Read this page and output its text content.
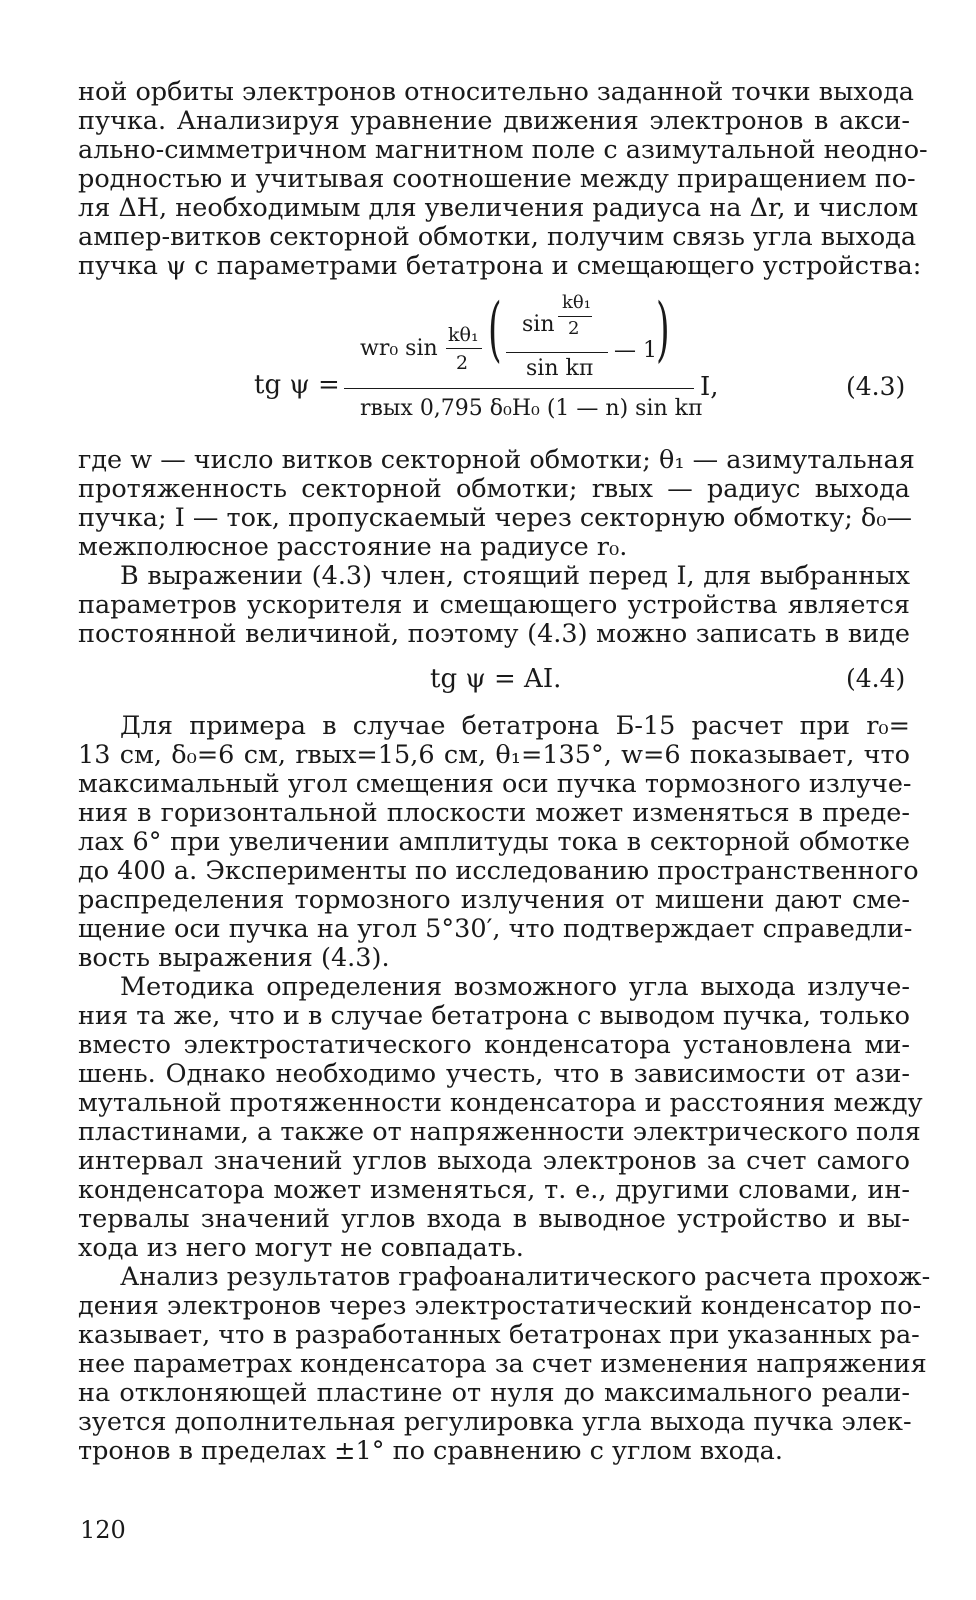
ной орбиты электронов относительно заданной точки выхода
пучка. Анализируя уравнение движения электронов в акси-
ально-симметричном магнитном поле с азимутальной неодно-
родностью и учитывая соотношение между приращением по-
ля ΔH, необходимым для увеличения радиуса на Δr, и числом
ампер-витков секторной обмотки, получим связь угла выхода
пучка ψ с параметрами бетатрона и смещающего устройства:
tg ψ =
wr₀ sin
kθ₁
2 ( sin
kθ₁
2
sin kπ
— 1 )
rвых 0,795 δ₀H₀ (1 — n) sin kπ
I,	(4.3)
где w — число витков секторной обмотки; θ₁ — азимутальная
протяженность секторной обмотки; rвых — радиус выхода
пучка; I — ток, пропускаемый через секторную обмотку; δ₀—
межполюсное расстояние на радиусе r₀.
В выражении (4.3) член, стоящий перед I, для выбранных
параметров ускорителя и смещающего устройства является
постоянной величиной, поэтому (4.3) можно записать в виде
tg ψ = AI.	(4.4)
Для примера в случае бетатрона Б-15 расчет при r₀=
13 см, δ₀=6 см, rвых=15,6 см, θ₁=135°, w=6 показывает, что
максимальный угол смещения оси пучка тормозного излуче-
ния в горизонтальной плоскости может изменяться в преде-
лах 6° при увеличении амплитуды тока в секторной обмотке
до 400 а. Эксперименты по исследованию пространственного
распределения тормозного излучения от мишени дают сме-
щение оси пучка на угол 5°30′, что подтверждает справедли-
вость выражения (4.3).
Методика определения возможного угла выхода излуче-
ния та же, что и в случае бетатрона с выводом пучка, только
вместо электростатического конденсатора установлена ми-
шень. Однако необходимо учесть, что в зависимости от ази-
мутальной протяженности конденсатора и расстояния между
пластинами, а также от напряженности электрического поля
интервал значений углов выхода электронов за счет самого
конденсатора может изменяться, т. е., другими словами, ин-
тервалы значений углов входа в выводное устройство и вы-
хода из него могут не совпадать.
Анализ результатов графоаналитического расчета прохож-
дения электронов через электростатический конденсатор по-
казывает, что в разработанных бетатронах при указанных ра-
нее параметрах конденсатора за счет изменения напряжения
на отклоняющей пластине от нуля до максимального реали-
зуется дополнительная регулировка угла выхода пучка элек-
тронов в пределах ±1° по сравнению с углом входа.
120
